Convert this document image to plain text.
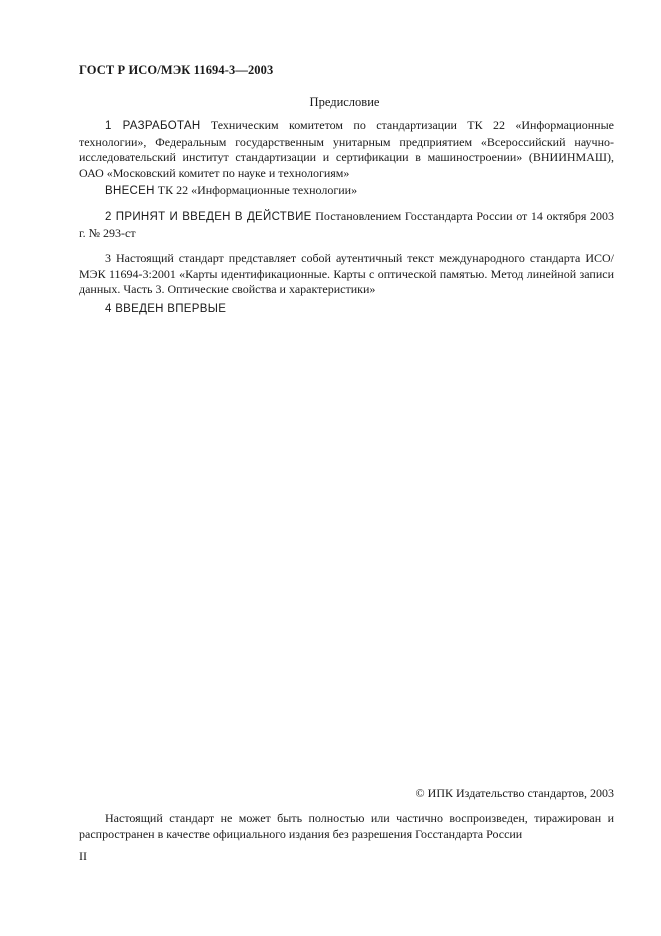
ГОСТ Р ИСО/МЭК 11694-3—2003
Предисловие
1 РАЗРАБОТАН Техническим комитетом по стандартизации ТК 22 «Информационные технологии», Федеральным государственным унитарным предприятием «Всероссийский научно-исследовательский институт стандартизации и сертификации в машиностроении» (ВНИИНМАШ), ОАО «Московский комитет по науке и технологиям»
ВНЕСЕН ТК 22 «Информационные технологии»
2 ПРИНЯТ И ВВЕДЕН В ДЕЙСТВИЕ Постановлением Госстандарта России от 14 октября 2003 г. № 293-ст
3 Настоящий стандарт представляет собой аутентичный текст международного стандарта ИСО/МЭК 11694-3:2001 «Карты идентификационные. Карты с оптической памятью. Метод линейной записи данных. Часть 3. Оптические свойства и характеристики»
4 ВВЕДЕН ВПЕРВЫЕ
© ИПК Издательство стандартов, 2003
Настоящий стандарт не может быть полностью или частично воспроизведен, тиражирован и распространен в качестве официального издания без разрешения Госстандарта России
II
